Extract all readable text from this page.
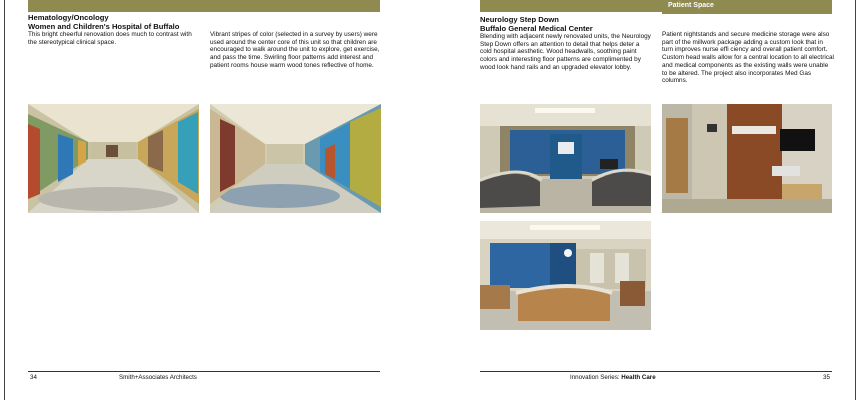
Patient Space

Hematology/Oncology

Women and Children's Hospital of Buffalo

This bright cheerful renovation does much to contrast with the stereotypical clinical space.
Vibrant stripes of color (selected in a survey by users) were used around the center core of this unit so that children are encouraged to walk around the unit to explore, get exercise, and pass the time. Swirling floor patterns add interest and patient rooms house warm wood tones reflective of home.

Neurology Step Down

Buffalo General Medical Center

Blending with adjacent newly renovated units, the Neurology Step Down offers an attention to detail that helps deter a cold hospital aesthetic. Wood headwalls, soothing paint colors and interesting floor patterns are complimented by wood look hand rails and an upgraded elevator lobby.
Patient nightstands and secure medicine storage were also part of the millwork package adding a custom look that in turn improves nurse effi ciency and overall patient comfort. Custom head walls allow for a central location to all electrical and medical components as the existing walls were unable to be altered. The project also incorporates Med Gas columns.
34	Smith+Associates Architects	Innovation Series: Health Care	35
